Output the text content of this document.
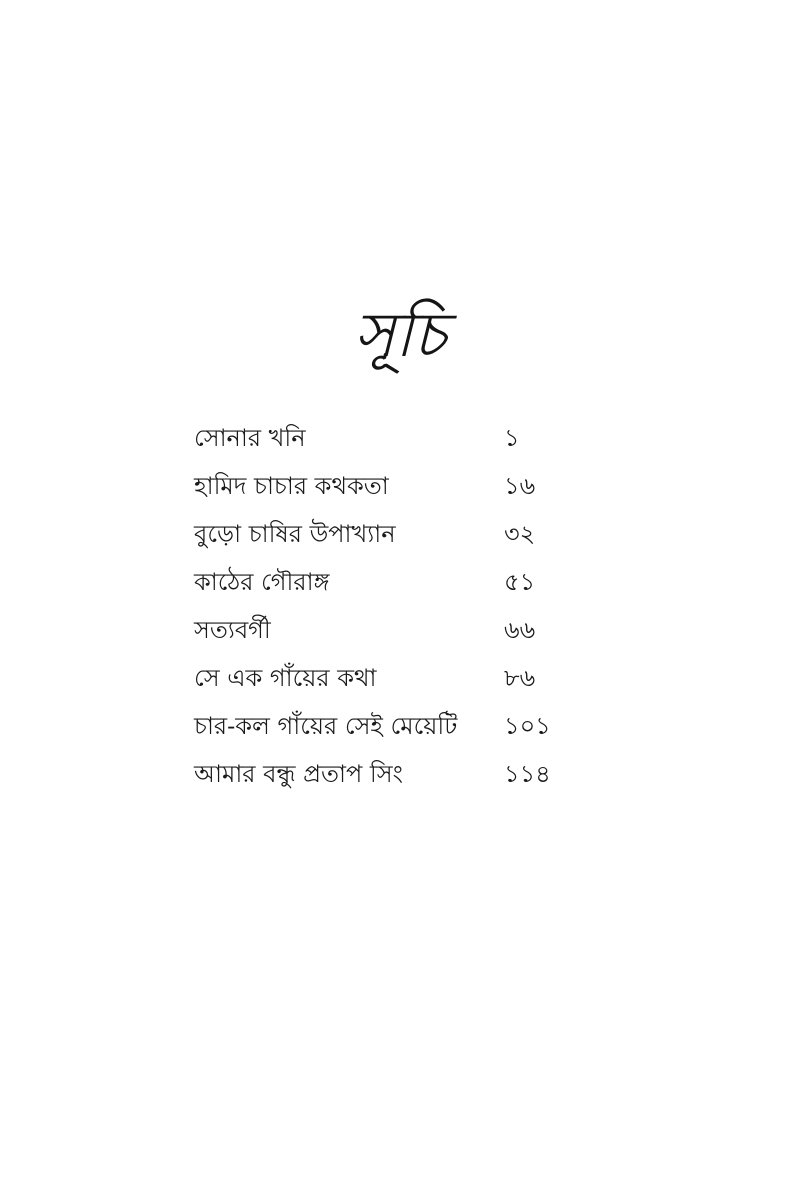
সূচি
সোনার খনি	১
হামিদ চাচার কথকতা	১৬
বুড়ো চাষির উপাখ্যান	৩২
কাঠের গৌরাঙ্গ	৫১
সত্যবর্গী	৬৬
সে এক গাঁয়ের কথা	৮৬
চার-কল গাঁয়ের সেই মেয়েটি	১০১
আমার বন্ধু প্রতাপ সিং	১১৪
